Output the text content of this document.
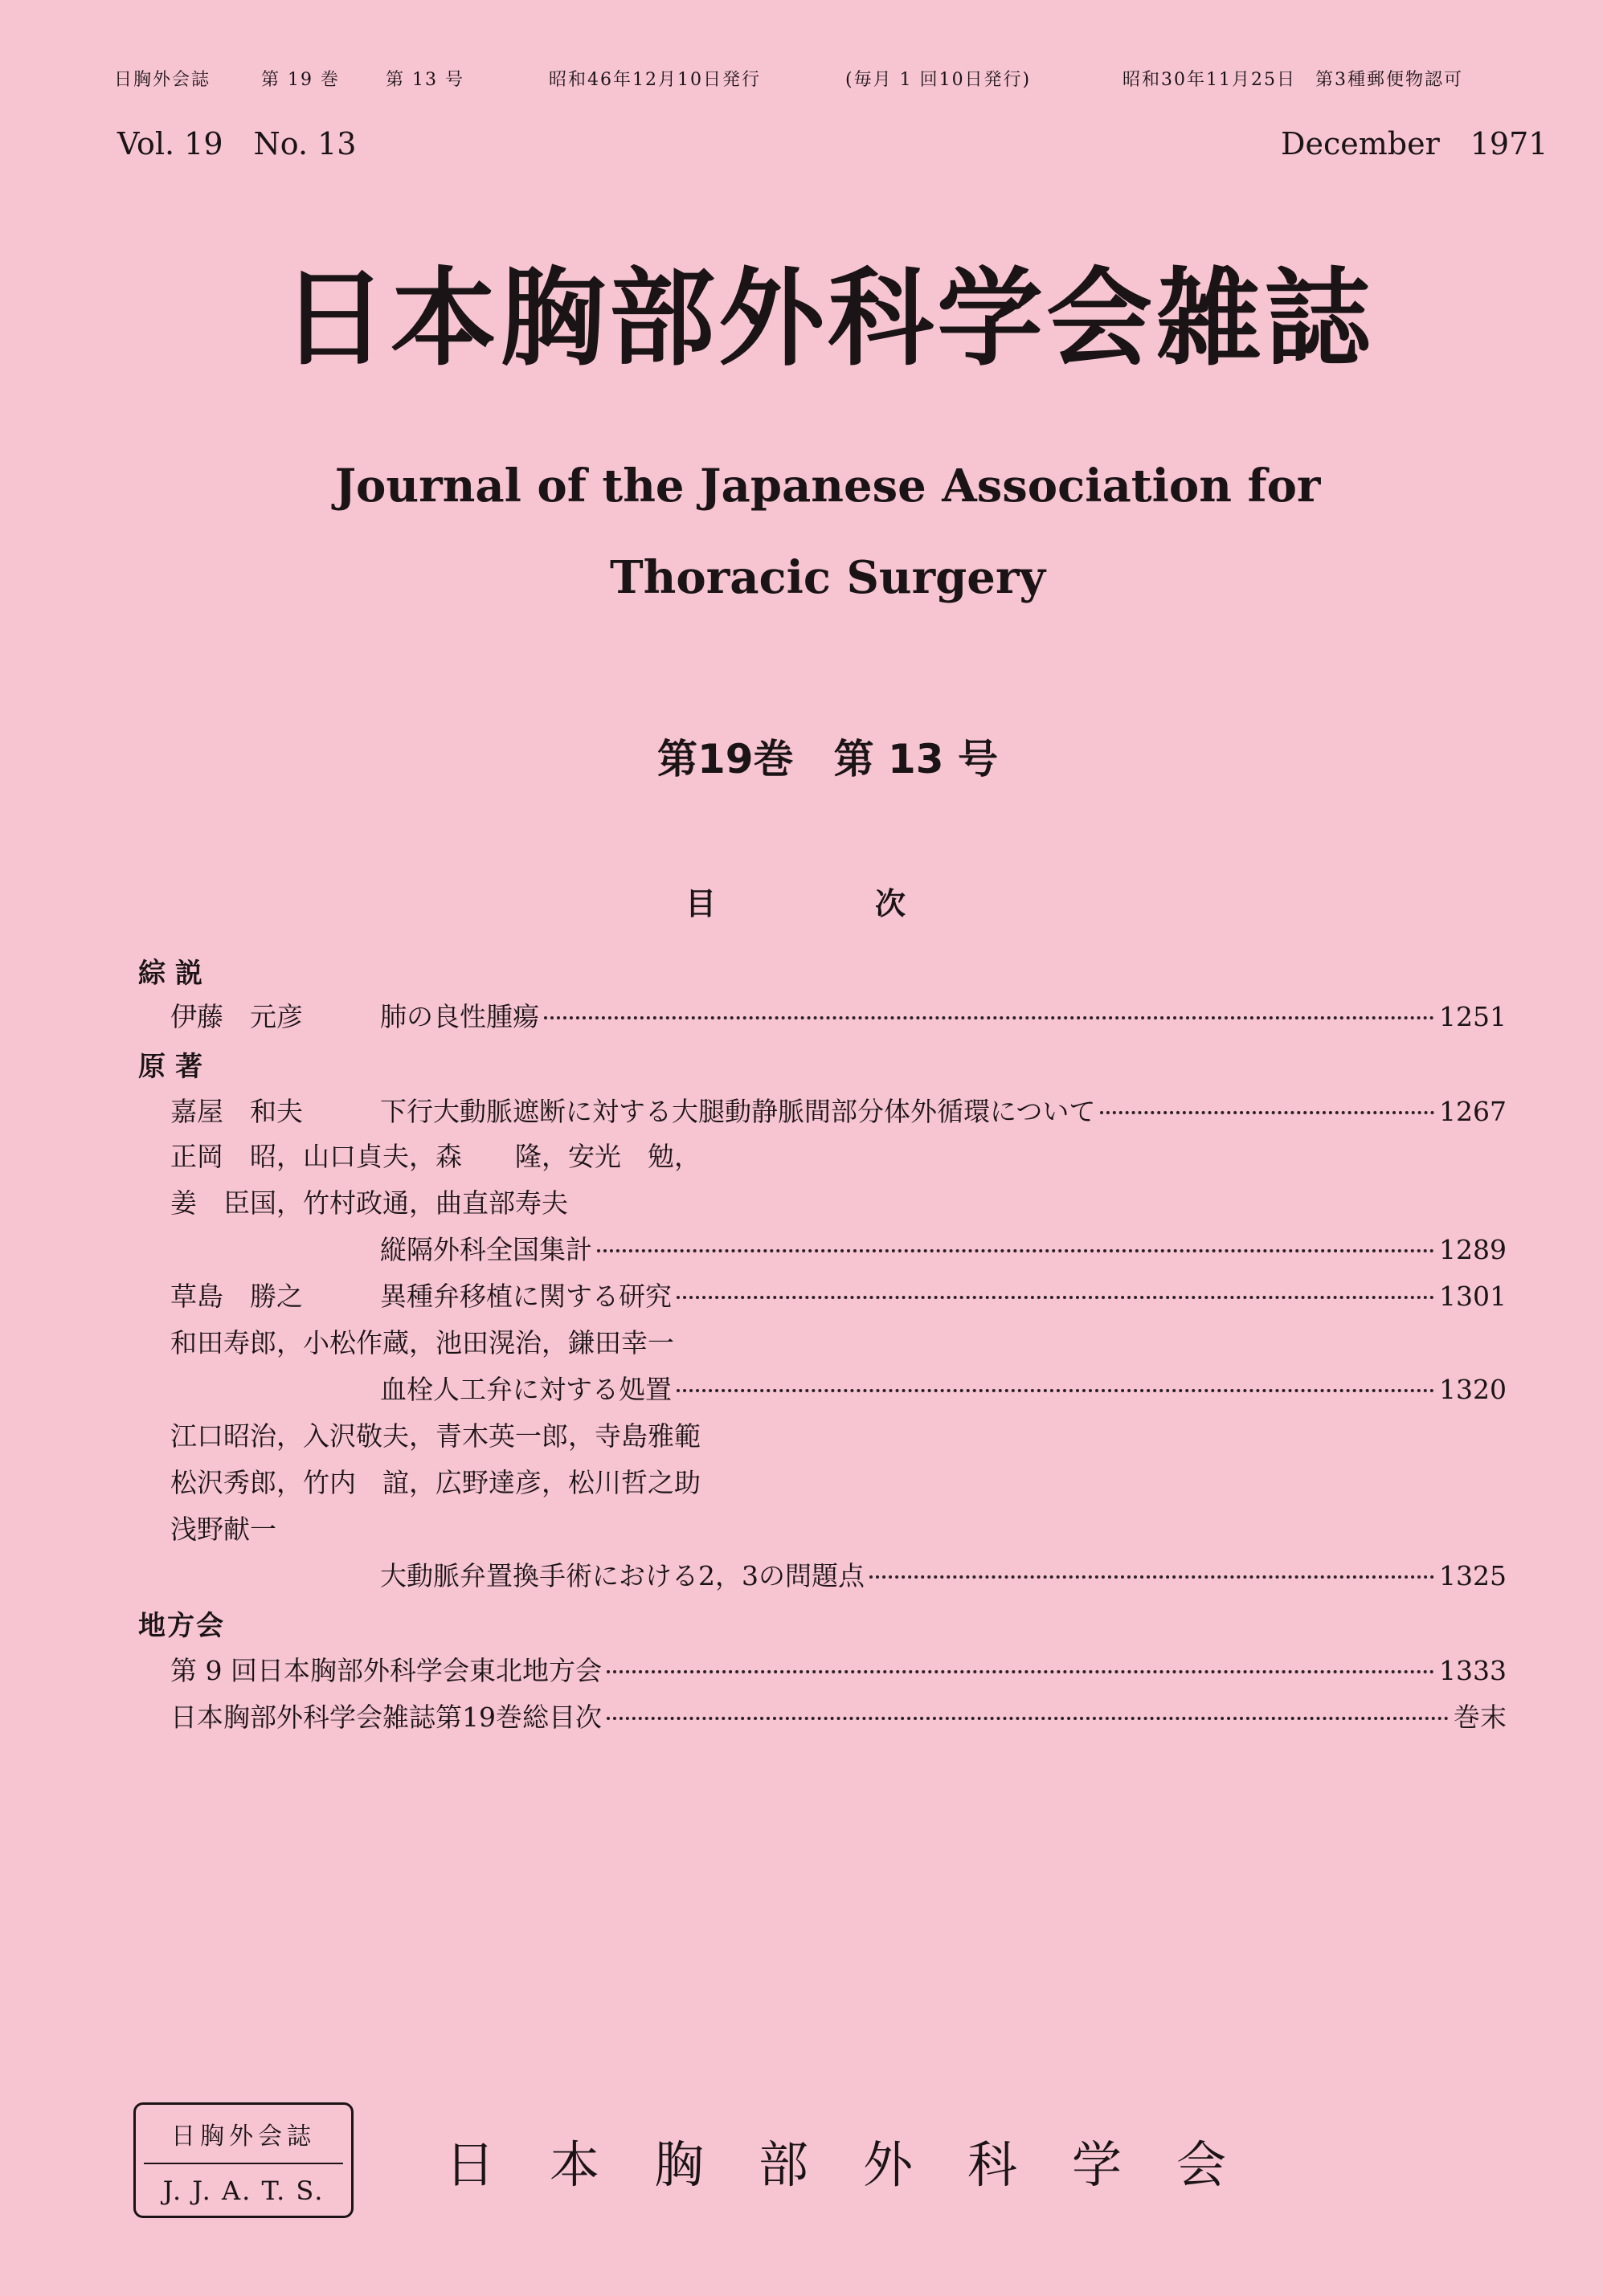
日胸外会誌	第 19 巻	第 13 号	昭和46年12月10日発行	(毎月 1 回10日発行)	昭和30年11月25日　第3種郵便物認可
Vol. 19　No. 13	December　1971
日本胸部外科学会雑誌
Journal of the Japanese Association for
Thoracic Surgery
第19巻　第 13 号
目　次
綜説
伊藤　元彦	肺の良性腫瘍	1251
原著
嘉屋　和夫	下行大動脈遮断に対する大腿動静脈間部分体外循環について	1267
正岡　昭，山口貞夫，森　　隆，安光　勉，
姜　臣国，竹村政通，曲直部寿夫
縦隔外科全国集計	1289
草島　勝之	異種弁移植に関する研究	1301
和田寿郎，小松作蔵，池田滉治，鎌田幸一
血栓人工弁に対する処置	1320
江口昭治，入沢敬夫，青木英一郎，寺島雅範
松沢秀郎，竹内　誼，広野達彦，松川哲之助
浅野献一
大動脈弁置換手術における2，3の問題点	1325
地方会
第 9 回日本胸部外科学会東北地方会	1333
日本胸部外科学会雑誌第19巻総目次	巻末
日胸外会誌
J. J. A. T. S.	日本胸部外科学会
